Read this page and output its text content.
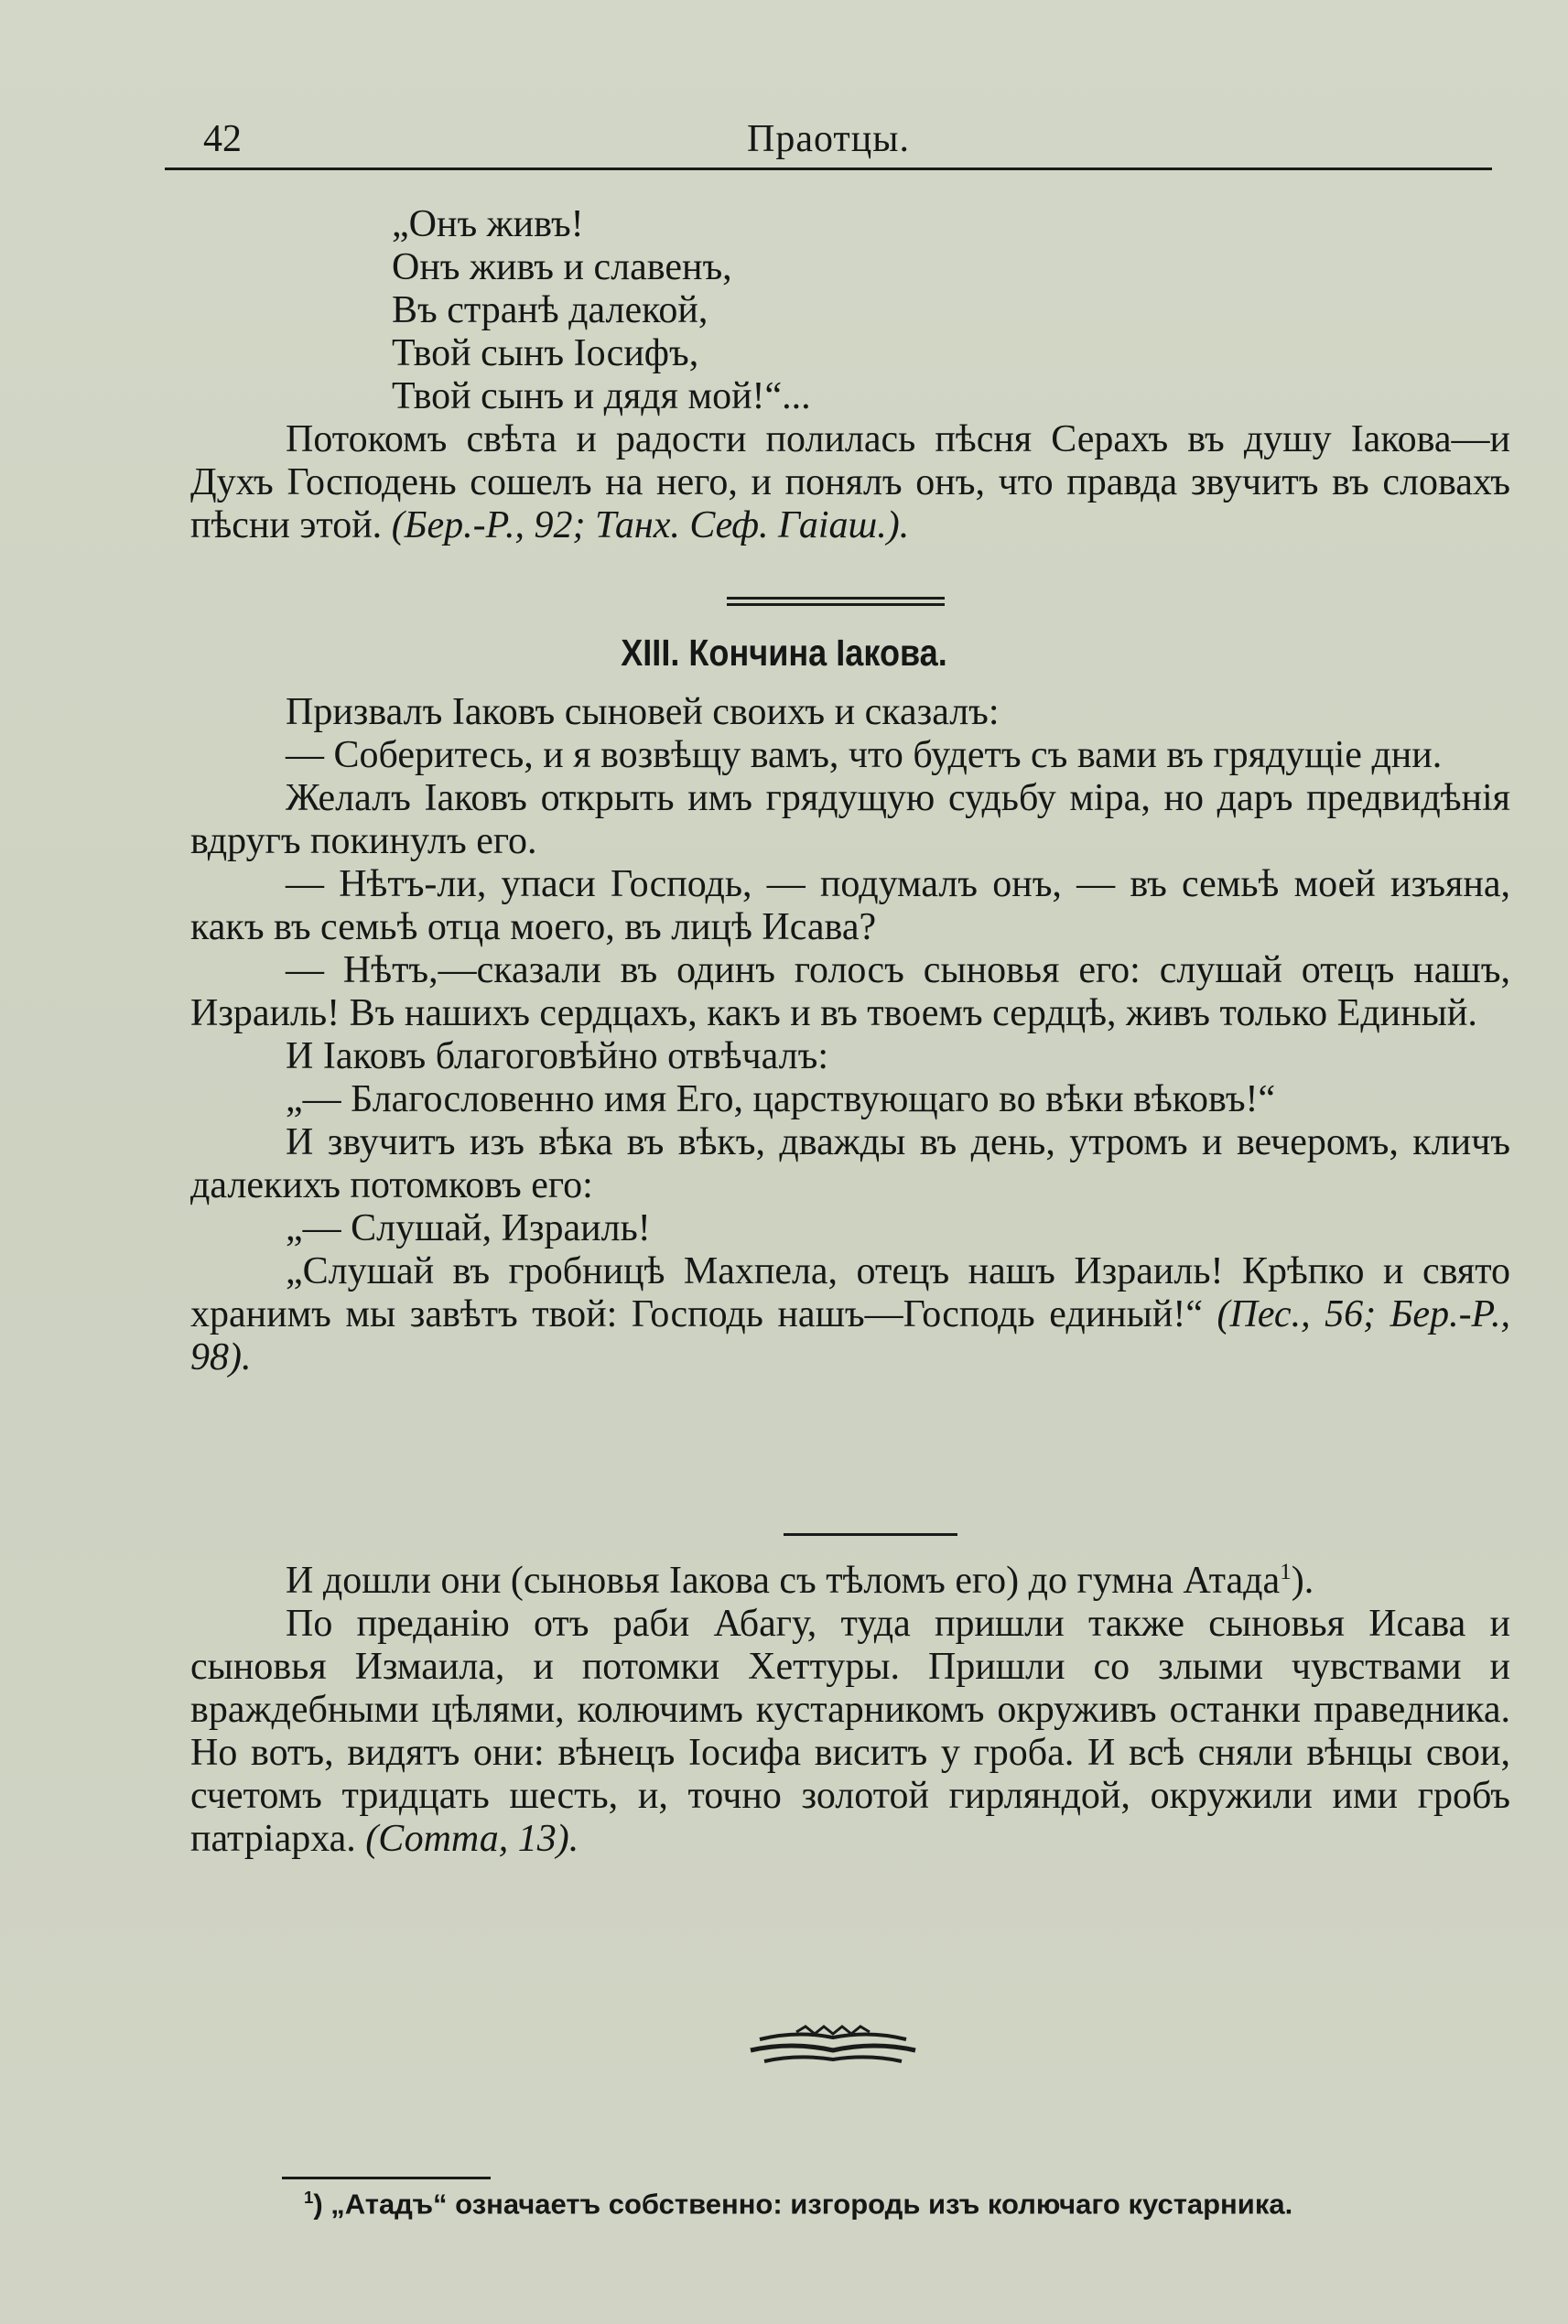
42	Праотцы.
„Онъ живъ!
Онъ живъ и славенъ,
Въ странѣ далекой,
Твой сынъ Іосифъ,
Твой сынъ и дядя мой!“...
Потокомъ свѣта и радости полилась пѣсня Серахъ въ душу Іакова—и Духъ Господень сошелъ на него, и понялъ онъ, что правда звучитъ въ словахъ пѣсни этой. (Бер.-Р., 92; Танх. Сеф. Гаіаш.).
XIII. Кончина Іакова.

Призвалъ Іаковъ сыновей своихъ и сказалъ:

— Соберитесь, и я возвѣщу вамъ, что будетъ съ вами въ грядущіе дни.

Желалъ Іаковъ открыть имъ грядущую судьбу міра, но даръ предвидѣнія вдругъ покинулъ его.

— Нѣтъ-ли, упаси Господь, — подумалъ онъ, — въ семьѣ моей изъяна, какъ въ семьѣ отца моего, въ лицѣ Исава?

— Нѣтъ,—сказали въ одинъ голосъ сыновья его: слушай отецъ нашъ, Израиль! Въ нашихъ сердцахъ, какъ и въ твоемъ сердцѣ, живъ только Единый.

И Іаковъ благоговѣйно отвѣчалъ:

„— Благословенно имя Его, царствующаго во вѣки вѣковъ!“

И звучитъ изъ вѣка въ вѣкъ, дважды въ день, утромъ и вечеромъ, кличъ далекихъ потомковъ его:

„— Слушай, Израиль!

„Слушай въ гробницѣ Махпела, отецъ нашъ Израиль! Крѣпко и свято хранимъ мы завѣтъ твой: Господь нашъ—Господь единый!“ (Пес., 56; Бер.-Р., 98).

И дошли они (сыновья Іакова съ тѣломъ его) до гумна Атада$^1$).

По преданію отъ раби Абагу, туда пришли также сыновья Исава и сыновья Измаила, и потомки Хеттуры. Пришли со злыми чувствами и враждебными цѣлями, колючимъ кустарникомъ окруживъ останки праведника. Но вотъ, видятъ они: вѣнецъ Іосифа виситъ у гроба. И всѣ сняли вѣнцы свои, счетомъ тридцать шесть, и, точно золотой гирляндой, окружили ими гробъ патріарха. (Сотта, 13).

$^1$) „Атадъ“ означаетъ собственно: изгородь изъ колючаго кустарника.
